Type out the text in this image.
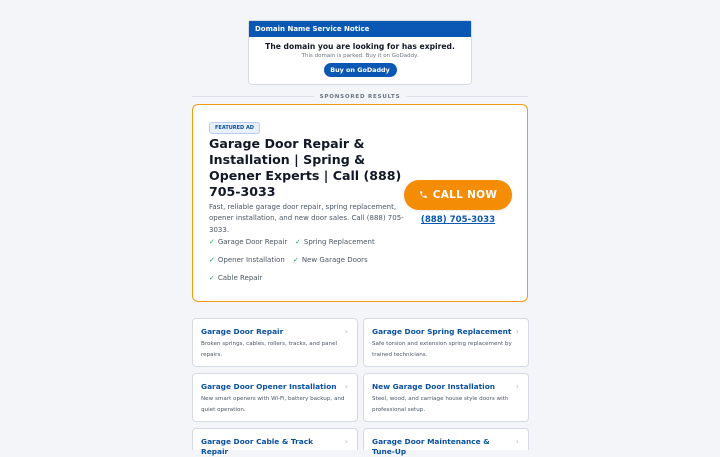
Domain Name Service Notice
The domain you are looking for has expired.
This domain is parked. Buy it on GoDaddy.
Buy on GoDaddy
SPONSORED RESULTS
FEATURED AD
Garage Door Repair & Installation | Spring & Opener Experts | Call (888) 705-3033
Fast, reliable garage door repair, spring replacement, opener installation, and new door sales. Call (888) 705-3033.
✓ Garage Door Repair ✓ Spring Replacement
✓ Opener Installation ✓ New Garage Doors
✓ Cable Repair
CALL NOW
(888) 705-3033
Garage Door Repair
Broken springs, cables, rollers, tracks, and panel repairs.
›	Garage Door Spring Replacement
Safe torsion and extension spring replacement by trained technicians.
›
Garage Door Opener Installation
New smart openers with Wi-Fi, battery backup, and quiet operation.
›	New Garage Door Installation
Steel, wood, and carriage house style doors with professional setup.
›
Garage Door Cable & Track Repair
›	Garage Door Maintenance & Tune-Up
›
